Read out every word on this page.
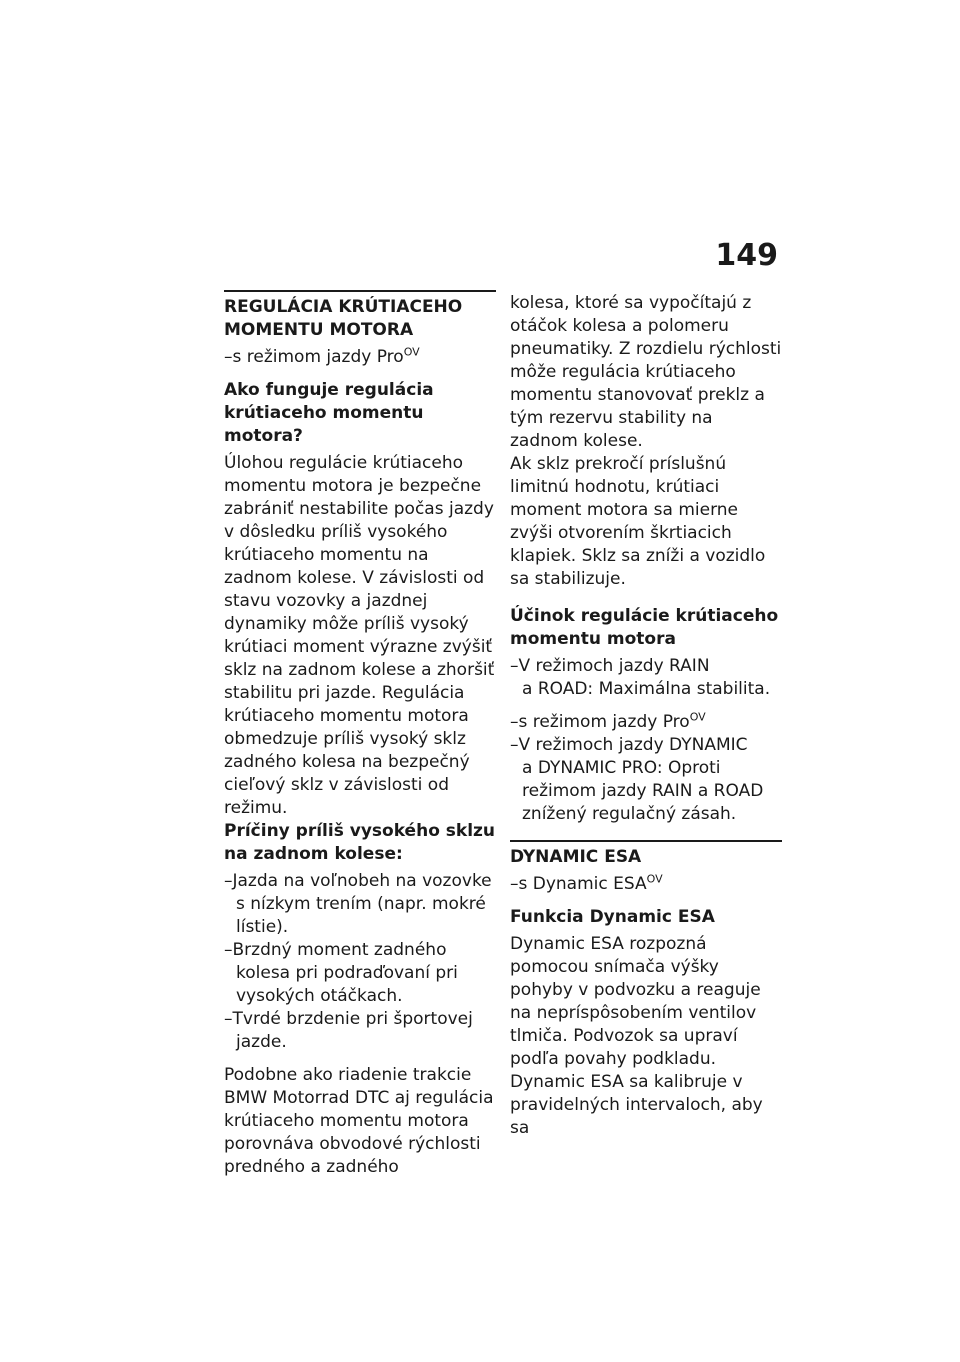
149
REGULÁCIA KRÚTIACEHO MOMENTU MOTORA

–s režimom jazdy Pro$^{OV}$

Ako funguje regulácia krútiaceho momentu motora?

Úlohou regulácie krútiaceho momentu motora je bezpečne zabrániť nestabilite počas jazdy v dôsledku príliš vysokého krútiaceho momentu na zadnom kolese. V závislosti od stavu vozovky a jazdnej dynamiky môže príliš vysoký krútiaci moment výrazne zvýšiť sklz na zadnom kolese a zhoršiť stabilitu pri jazde. Regulácia krútiaceho momentu motora obmedzuje príliš vysoký sklz zadného kolesa na bezpečný cieľový sklz v závislosti od režimu.

Príčiny príliš vysokého sklzu na zadnom kolese:
–Jazda na voľnobeh na vozovke s nízkym trením (napr. mokré lístie).
–Brzdný moment zadného kolesa pri podraďovaní pri vysokých otáčkach.
–Tvrdé brzdenie pri športovej jazde.

Podobne ako riadenie trakcie BMW Motorrad DTC aj regulácia krútiaceho momentu motora porovnáva obvodové rýchlosti predného a zadného

kolesa, ktoré sa vypočítajú z otáčok kolesa a polomeru pneumatiky. Z rozdielu rýchlosti môže regulácia krútiaceho momentu stanovovať preklz a tým rezervu stability na zadnom kolese.

Ak sklz prekročí príslušnú limitnú hodnotu, krútiaci moment motora sa mierne zvýši otvorením škrtiacich klapiek. Sklz sa zníži a vozidlo sa stabilizuje.

Účinok regulácie krútiaceho momentu motora
–V režimoch jazdy RAIN
a ROAD: Maximálna stabilita.

–s režimom jazdy Pro$^{OV}$

–V režimoch jazdy DYNAMIC
a DYNAMIC PRO: Oproti režimom jazdy RAIN a ROAD znížený regulačný zásah.
DYNAMIC ESA

–s Dynamic $ESA^{OV}$

Funkcia Dynamic ESA

Dynamic ESA rozpozná pomocou snímača výšky pohyby v podvozku a reaguje na nepríspôsobením ventilov tlmiča. Podvozok sa upraví podľa povahy podkladu.

Dynamic ESA sa kalibruje v pravidelných intervaloch, aby sa
